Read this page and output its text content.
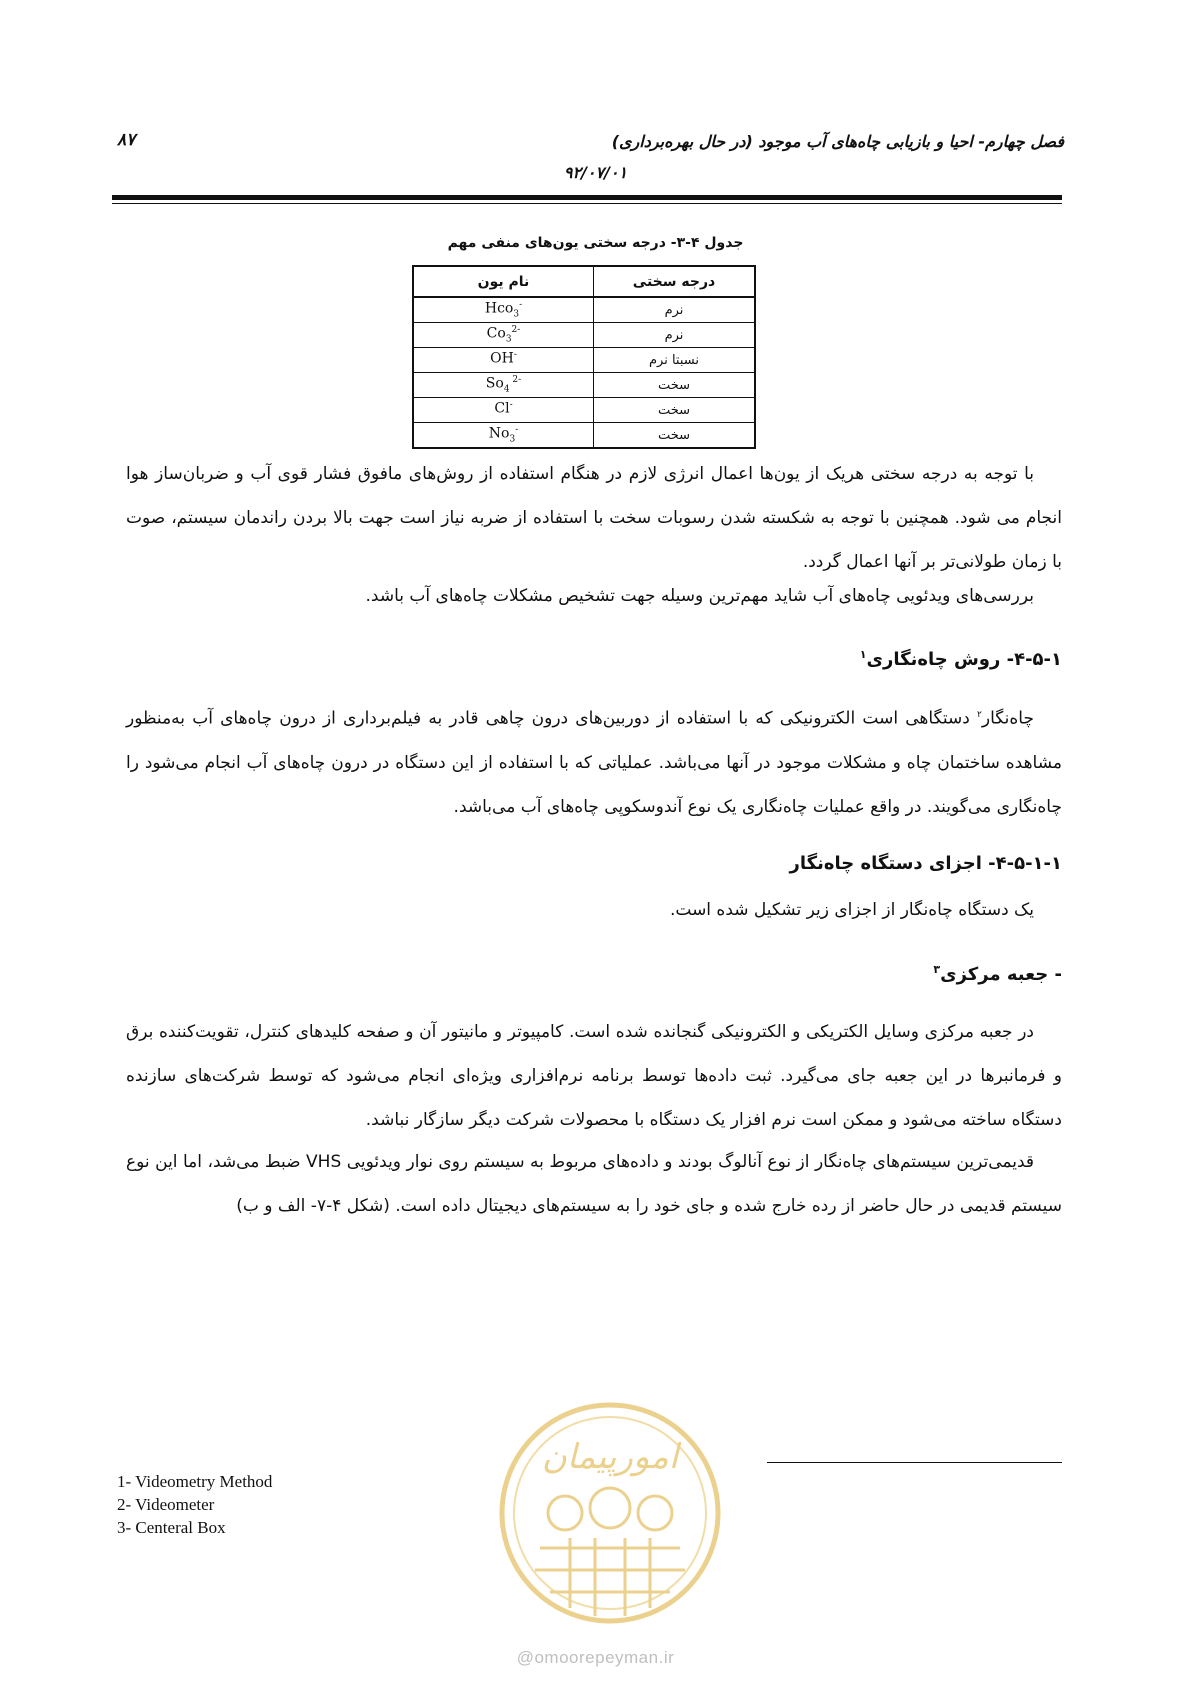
فصل چهارم- احیا و بازیابی چاه‌های آب موجود (در حال بهره‌برداری)
۸۷
۹۲/۰۷/۰۱
جدول ۴-۳- درجه سختی یون‌های منفی مهم
درجه سختی	نام یون
نرم	Hco$_3$-
نرم	$Co_3^{2-}$
نسبتا نرم	OH-
سخت	$So_4$ $^{2-}$
سخت	Cl-
سخت	$No_3^-$
با توجه به درجه سختی هریک از یون‌ها اعمال انرژی لازم در هنگام استفاده از روش‌های مافوق فشار قوی آب و ضربان‌ساز هوا انجام می شود. همچنین با توجه به شکسته شدن رسوبات سخت با استفاده از ضربه نیاز است جهت بالا بردن راندمان سیستم، صوت با زمان طولانی‌تر بر آنها اعمال گردد.
بررسی‌های ویدئویی چاه‌های آب شاید مهم‌ترین وسیله جهت تشخیص مشکلات چاه‌های آب باشد.
۴-۵-۱- روش چاه‌نگاری$^۱$
چاه‌نگار$^۲$ دستگاهی است الکترونیکی که با استفاده از دوربین‌های درون چاهی قادر به فیلم‌برداری از درون چاه‌های آب به‌منظور مشاهده ساختمان چاه و مشکلات موجود در آنها می‌باشد. عملیاتی که با استفاده از این دستگاه در درون چاه‌های آب انجام می‌شود را چاه‌نگاری می‌گویند. در واقع عملیات چاه‌نگاری یک نوع آندوسکوپی چاه‌های آب می‌باشد.
۴-۵-۱-۱- اجزای دستگاه چاه‌نگار
یک دستگاه چاه‌نگار از اجزای زیر تشکیل شده است.
- جعبه مرکزی$^۳$
در جعبه مرکزی وسایل الکتریکی و الکترونیکی گنجانده شده است. کامپیوتر و مانیتور آن و صفحه کلیدهای کنترل، تقویت‌کننده برق و فرمانبرها در این جعبه جای می‌گیرد. ثبت داده‌ها توسط برنامه نرم‌افزاری ویژه‌ای انجام می‌شود که توسط شرکت‌های سازنده دستگاه ساخته می‌شود و ممکن است نرم افزار یک دستگاه با محصولات شرکت دیگر سازگار نباشد.
قدیمی‌ترین سیستم‌های چاه‌نگار از نوع آنالوگ بودند و داده‌های مربوط به سیستم روی نوار ویدئویی VHS ضبط می‌شد، اما این نوع سیستم قدیمی در حال حاضر از رده خارج شده و جای خود را به سیستم‌های دیجیتال داده است. (شکل ۴-۷- الف و ب)
1- Videometry Method
2- Videometer
3- Centeral Box
امورپیمان
@omoorepeyman.ir
